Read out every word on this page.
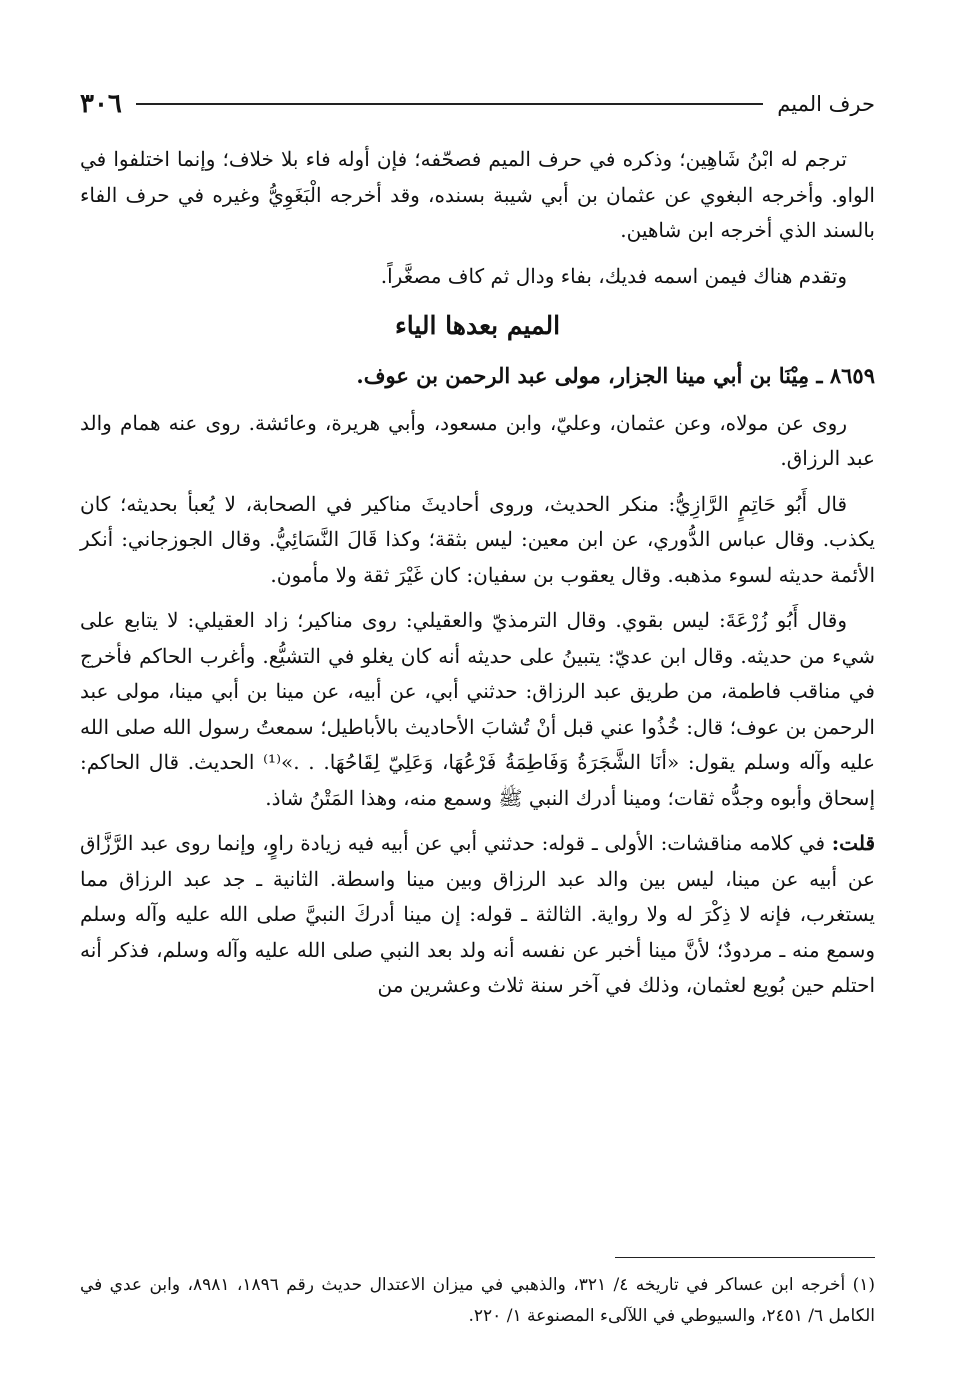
حرف الميم
٣٠٦

ترجم له ابْنُ شَاهِين؛ وذكره في حرف الميم فصحّفه؛ فإن أوله فاء بلا خلاف؛ وإنما اختلفوا في الواو. وأخرجه البغوي عن عثمان بن أبي شيبة بسنده، وقد أخرجه الْبَغَوِيُّ وغيره في حرف الفاء بالسند الذي أخرجه ابن شاهين.

وتقدم هناك فيمن اسمه فديك، بفاء ودال ثم كاف مصغَّراً.

الميم بعدها الياء

٨٦٥٩ ـ مِيْنَا بن أبي مينا الجزار، مولى عبد الرحمن بن عوف.

روى عن مولاه، وعن عثمان، وعليّ، وابن مسعود، وأبي هريرة، وعائشة. روى عنه همام والد عبد الرزاق.

قال أَبُو حَاتِمٍ الرَّازِيُّ: منكر الحديث، وروى أحاديثَ مناكير في الصحابة، لا يُعبأ بحديثه؛ كان يكذب. وقال عباس الدُّوري، عن ابن معين: ليس بثقة؛ وكذا قَالَ النَّسَائِيُّ. وقال الجوزجاني: أنكر الأئمة حديثه لسوء مذهبه. وقال يعقوب بن سفيان: كان غَيْرَ ثقة ولا مأمون.

وقال أَبُو زُرْعَةَ: ليس بقوي. وقال الترمذيّ والعقيلي: روى مناكير؛ زاد العقيلي: لا يتابع على شيء من حديثه. وقال ابن عديّ: يتبينُ على حديثه أنه كان يغلو في التشيُّع. وأغرب الحاكم فأخرج في مناقب فاطمة، من طريق عبد الرزاق: حدثني أبي، عن أبيه، عن مينا بن أبي مينا، مولى عبد الرحمن بن عوف؛ قال: خُذُوا عني قبل أنْ تُشابَ الأحاديث بالأباطيل؛ سمعتُ رسول الله صلى الله عليه وآله وسلم يقول: «أنَا الشَّجَرَةُ وَفَاطِمَةُ فَرْعُهَا، وَعَلِيّ لِقَاحُهَا. . .»⁽¹⁾ الحديث. قال الحاكم: إسحاق وأبوه وجدُّه ثقات؛ ومينا أدرك النبي ﷺ وسمع منه، وهذا المَتْنُ شاذ.

قلت: في كلامه مناقشات: الأولى ـ قوله: حدثني أبي عن أبيه فيه زيادة راوٍ، وإنما روى عبد الرَّزَّاق عن أبيه عن مينا، ليس بين والد عبد الرزاق وبين مينا واسطة. الثانية ـ جد عبد الرزاق مما يستغرب، فإنه لا ذِكْرَ له ولا رواية. الثالثة ـ قوله: إن مينا أدركَ النبيَّ صلى الله عليه وآله وسلم وسمع منه ـ مردودٌ؛ لأنَّ مينا أخبر عن نفسه أنه ولد بعد النبي صلى الله عليه وآله وسلم، فذكر أنه احتلم حين بُويع لعثمان، وذلك في آخر سنة ثلاث وعشرين من

(١) أخرجه ابن عساكر في تاريخه ٤/ ٣٢١، والذهبي في ميزان الاعتدال حديث رقم ١٨٩٦، ٨٩٨١، وابن عدي في الكامل ٦/ ٢٤٥١، والسيوطي في اللآلىء المصنوعة ١/ ٢٢٠.
